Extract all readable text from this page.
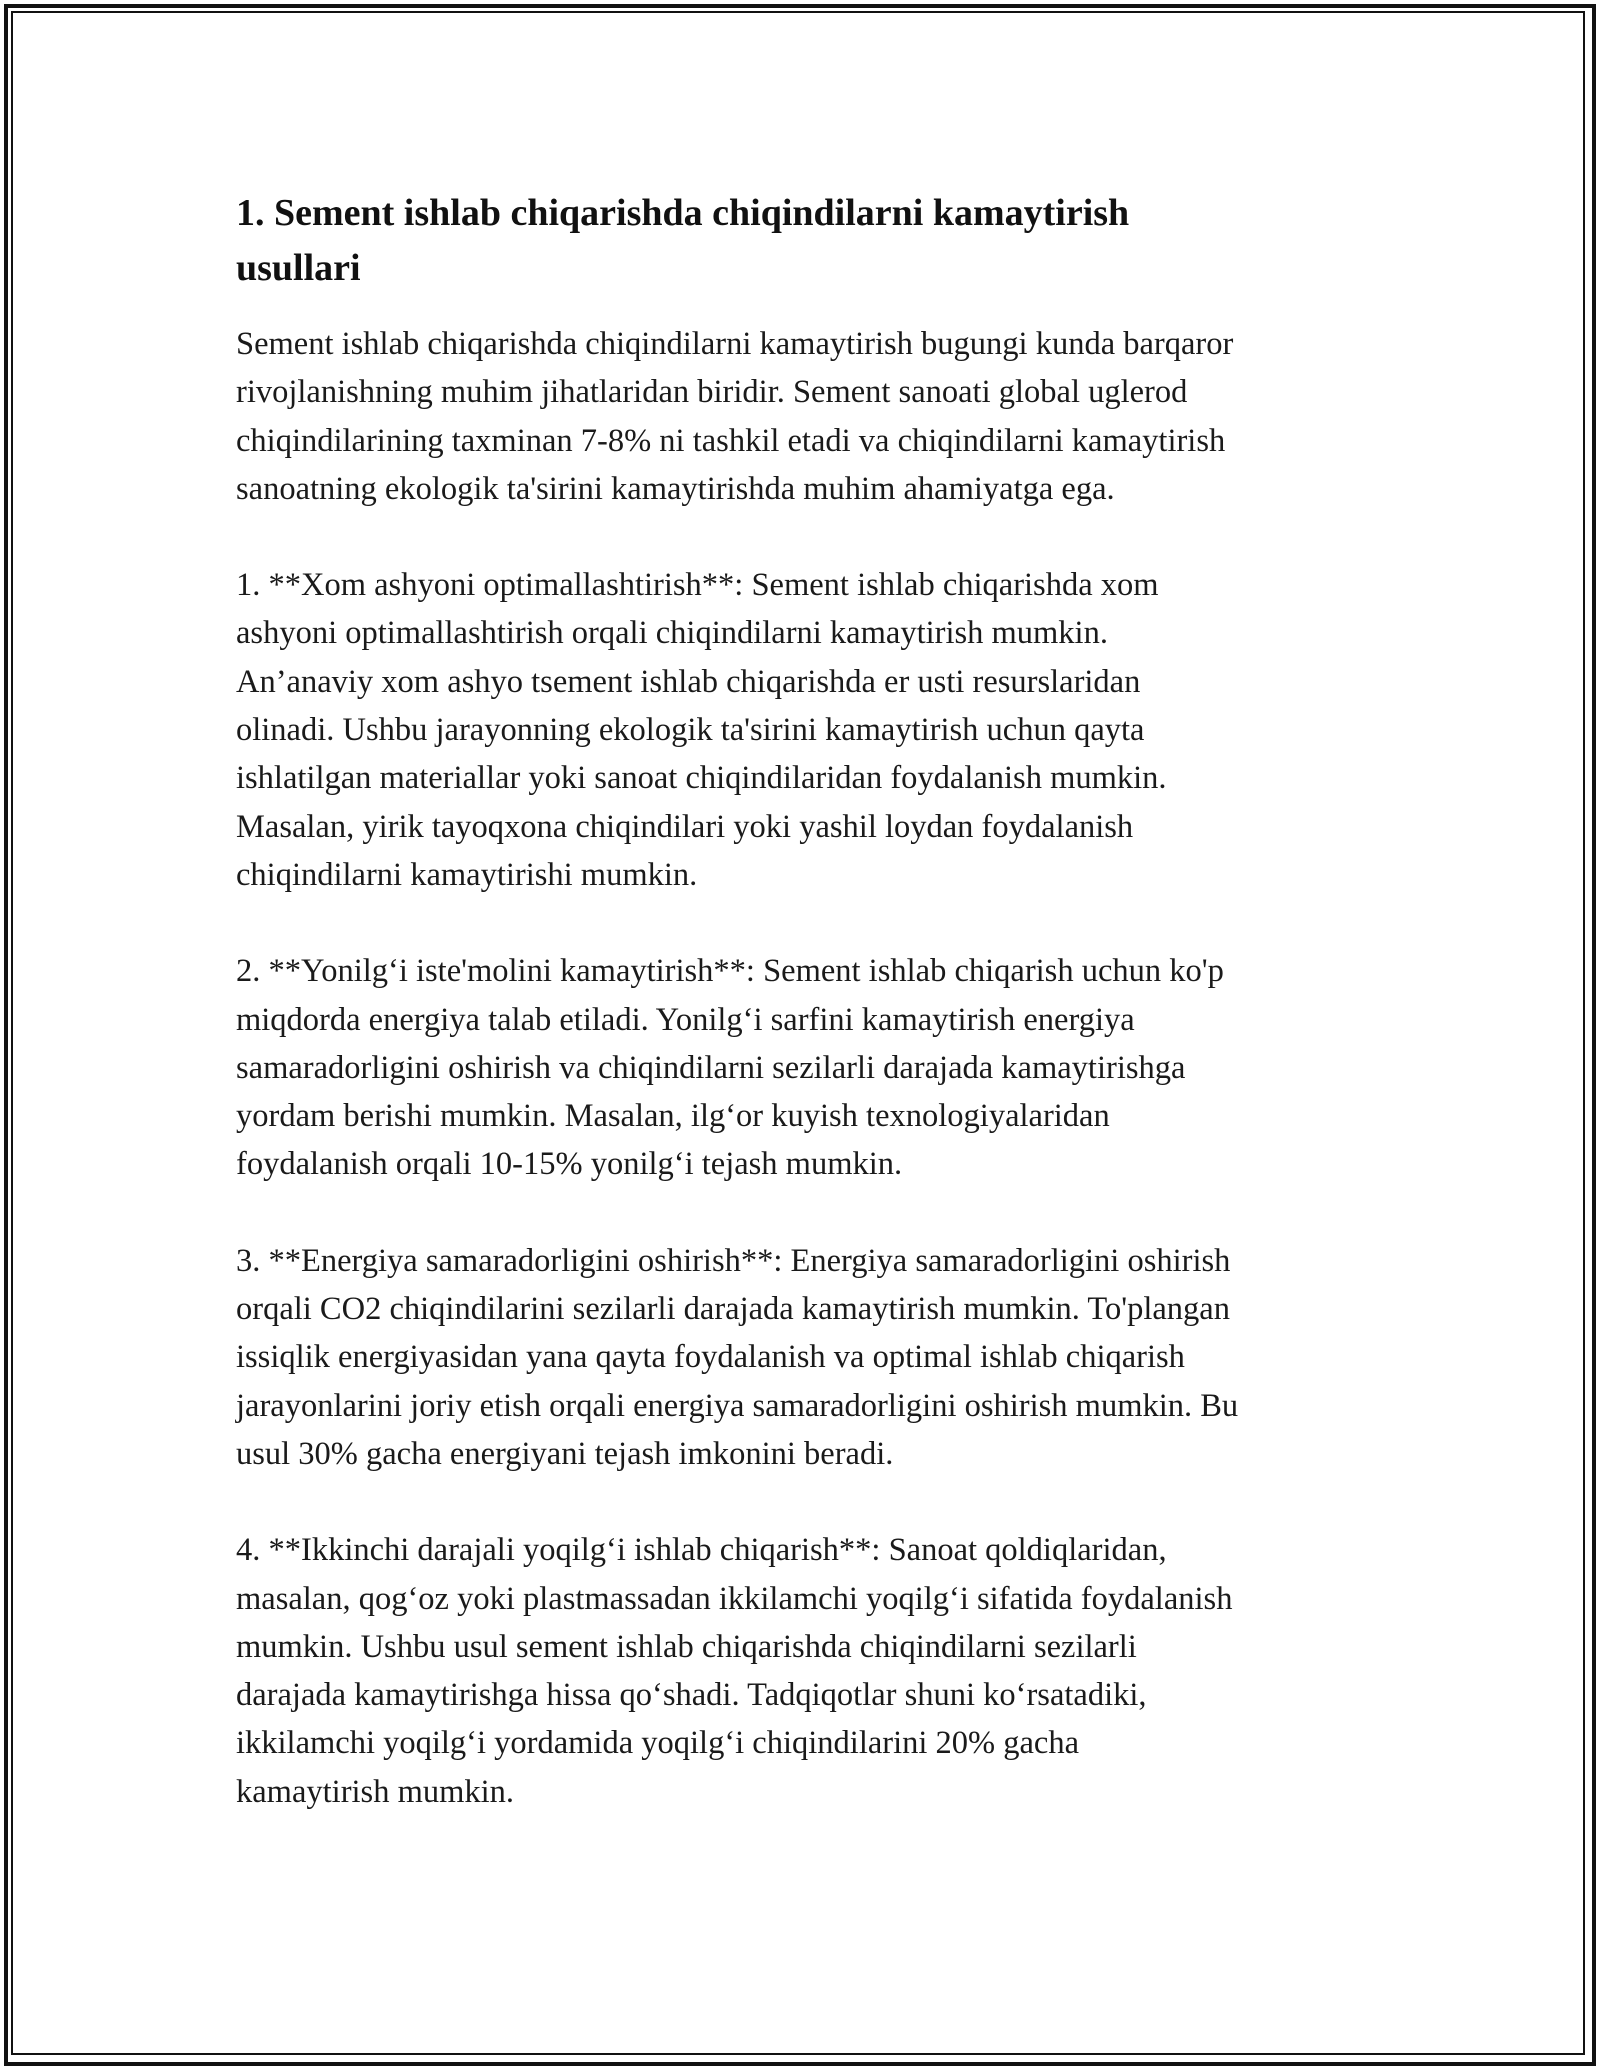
1. Sement ishlab chiqarishda chiqindilarni kamaytirish
usullari

Sement ishlab chiqarishda chiqindilarni kamaytirish bugungi kunda barqaror
rivojlanishning muhim jihatlaridan biridir. Sement sanoati global uglerod
chiqindilarining taxminan 7-8% ni tashkil etadi va chiqindilarni kamaytirish
sanoatning ekologik ta'sirini kamaytirishda muhim ahamiyatga ega.

1. **Xom ashyoni optimallashtirish**: Sement ishlab chiqarishda xom
ashyoni optimallashtirish orqali chiqindilarni kamaytirish mumkin.
An’anaviy xom ashyo tsement ishlab chiqarishda er usti resurslaridan
olinadi. Ushbu jarayonning ekologik ta'sirini kamaytirish uchun qayta
ishlatilgan materiallar yoki sanoat chiqindilaridan foydalanish mumkin.
Masalan, yirik tayoqxona chiqindilari yoki yashil loydan foydalanish
chiqindilarni kamaytirishi mumkin.

2. **Yonilg‘i iste'molini kamaytirish**: Sement ishlab chiqarish uchun ko'p
miqdorda energiya talab etiladi. Yonilg‘i sarfini kamaytirish energiya
samaradorligini oshirish va chiqindilarni sezilarli darajada kamaytirishga
yordam berishi mumkin. Masalan, ilg‘or kuyish texnologiyalaridan
foydalanish orqali 10-15% yonilg‘i tejash mumkin.

3. **Energiya samaradorligini oshirish**: Energiya samaradorligini oshirish
orqali CO2 chiqindilarini sezilarli darajada kamaytirish mumkin. To'plangan
issiqlik energiyasidan yana qayta foydalanish va optimal ishlab chiqarish
jarayonlarini joriy etish orqali energiya samaradorligini oshirish mumkin. Bu
usul 30% gacha energiyani tejash imkonini beradi.

4. **Ikkinchi darajali yoqilg‘i ishlab chiqarish**: Sanoat qoldiqlaridan,
masalan, qog‘oz yoki plastmassadan ikkilamchi yoqilg‘i sifatida foydalanish
mumkin. Ushbu usul sement ishlab chiqarishda chiqindilarni sezilarli
darajada kamaytirishga hissa qo‘shadi. Tadqiqotlar shuni ko‘rsatadiki,
ikkilamchi yoqilg‘i yordamida yoqilg‘i chiqindilarini 20% gacha
kamaytirish mumkin.
